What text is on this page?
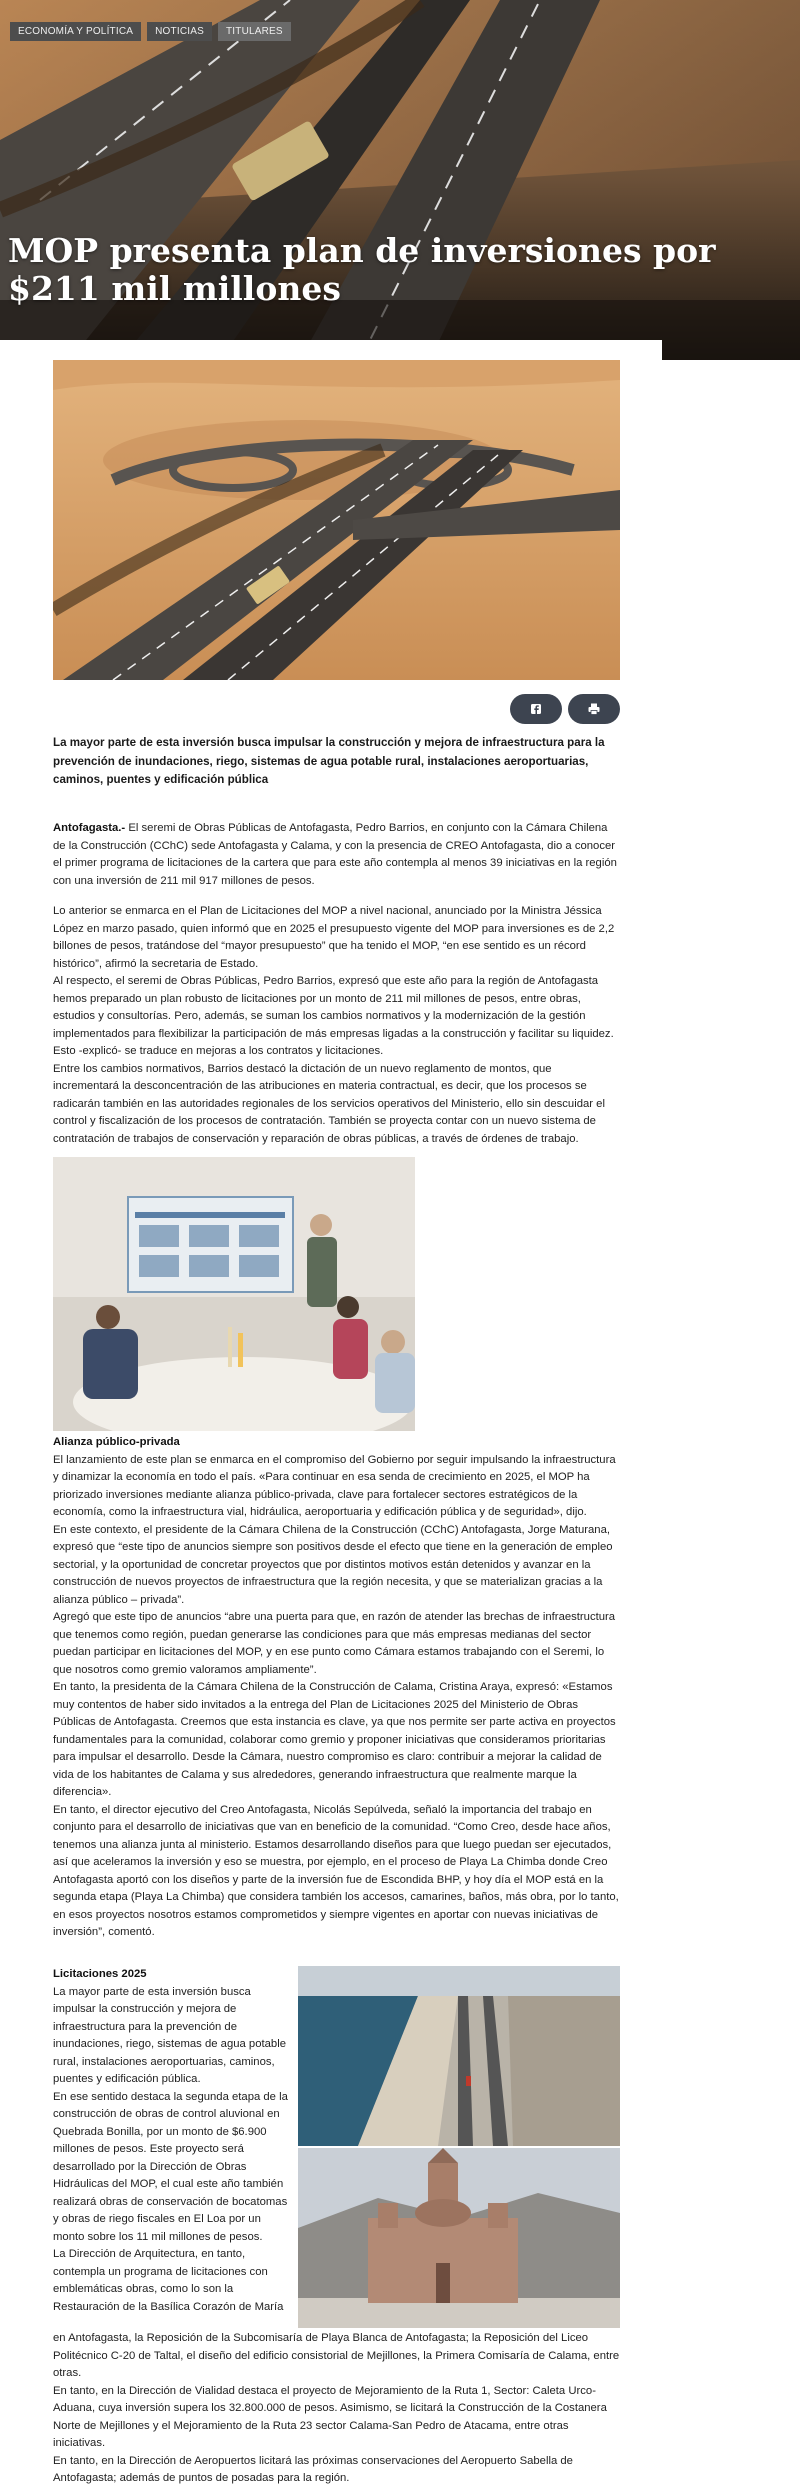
ECONOMÍA Y POLÍTICA	NOTICIAS	TITULARES
MOP presenta plan de inversiones por $211 mil millones

La mayor parte de esta inversión busca impulsar la construcción y mejora de infraestructura para la prevención de inundaciones, riego, sistemas de agua potable rural, instalaciones aeroportuarias, caminos, puentes y edificación pública

Antofagasta.- El seremi de Obras Públicas de Antofagasta, Pedro Barrios, en conjunto con la Cámara Chilena de la Construcción (CChC) sede Antofagasta y Calama, y con la presencia de CREO Antofagasta, dio a conocer el primer programa de licitaciones de la cartera que para este año contempla al menos 39 iniciativas en la región con una inversión de 211 mil 917 millones de pesos.

Lo anterior se enmarca en el Plan de Licitaciones del MOP a nivel nacional, anunciado por la Ministra Jéssica López en marzo pasado, quien informó que en 2025 el presupuesto vigente del MOP para inversiones es de 2,2 billones de pesos, tratándose del “mayor presupuesto” que ha tenido el MOP, “en ese sentido es un récord histórico”, afirmó la secretaria de Estado.

Al respecto, el seremi de Obras Públicas, Pedro Barrios, expresó que este año para la región de Antofagasta hemos preparado un plan robusto de licitaciones por un monto de 211 mil millones de pesos, entre obras, estudios y consultorías. Pero, además, se suman los cambios normativos y la modernización de la gestión implementados para flexibilizar la participación de más empresas ligadas a la construcción y facilitar su liquidez. Esto -explicó- se traduce en mejoras a los contratos y licitaciones.

Entre los cambios normativos, Barrios destacó la dictación de un nuevo reglamento de montos, que incrementará la desconcentración de las atribuciones en materia contractual, es decir, que los procesos se radicarán también en las autoridades regionales de los servicios operativos del Ministerio, ello sin descuidar el control y fiscalización de los procesos de contratación. También se proyecta contar con un nuevo sistema de contratación de trabajos de conservación y reparación de obras públicas, a través de órdenes de trabajo.

Alianza público-privada

El lanzamiento de este plan se enmarca en el compromiso del Gobierno por seguir impulsando la infraestructura y dinamizar la economía en todo el país. «Para continuar en esa senda de crecimiento en 2025, el MOP ha priorizado inversiones mediante alianza público-privada, clave para fortalecer sectores estratégicos de la economía, como la infraestructura vial, hidráulica, aeroportuaria y edificación pública y de seguridad», dijo.

En este contexto, el presidente de la Cámara Chilena de la Construcción (CChC) Antofagasta, Jorge Maturana, expresó que “este tipo de anuncios siempre son positivos desde el efecto que tiene en la generación de empleo sectorial, y la oportunidad de concretar proyectos que por distintos motivos están detenidos y avanzar en la construcción de nuevos proyectos de infraestructura que la región necesita, y que se materializan gracias a la alianza público – privada”.

Agregó que este tipo de anuncios “abre una puerta para que, en razón de atender las brechas de infraestructura que tenemos como región, puedan generarse las condiciones para que más empresas medianas del sector puedan participar en licitaciones del MOP, y en ese punto como Cámara estamos trabajando con el Seremi, lo que nosotros como gremio valoramos ampliamente”.

En tanto, la presidenta de la Cámara Chilena de la Construcción de Calama, Cristina Araya, expresó: «Estamos muy contentos de haber sido invitados a la entrega del Plan de Licitaciones 2025 del Ministerio de Obras Públicas de Antofagasta. Creemos que esta instancia es clave, ya que nos permite ser parte activa en proyectos fundamentales para la comunidad, colaborar como gremio y proponer iniciativas que consideramos prioritarias para impulsar el desarrollo. Desde la Cámara, nuestro compromiso es claro: contribuir a mejorar la calidad de vida de los habitantes de Calama y sus alrededores, generando infraestructura que realmente marque la diferencia».

En tanto, el director ejecutivo del Creo Antofagasta, Nicolás Sepúlveda, señaló la importancia del trabajo en conjunto para el desarrollo de iniciativas que van en beneficio de la comunidad. “Como Creo, desde hace años, tenemos una alianza junta al ministerio. Estamos desarrollando diseños para que luego puedan ser ejecutados, así que aceleramos la inversión y eso se muestra, por ejemplo, en el proceso de Playa La Chimba donde Creo Antofagasta aportó con los diseños y parte de la inversión fue de Escondida BHP, y hoy día el MOP está en la segunda etapa (Playa La Chimba) que considera también los accesos, camarines, baños, más obra, por lo tanto, en esos proyectos nosotros estamos comprometidos y siempre vigentes en aportar con nuevas iniciativas de inversión”, comentó.

Licitaciones 2025

La mayor parte de esta inversión busca impulsar la construcción y mejora de infraestructura para la prevención de inundaciones, riego, sistemas de agua potable rural, instalaciones aeroportuarias, caminos, puentes y edificación pública.

En ese sentido destaca la segunda etapa de la construcción de obras de control aluvional en Quebrada Bonilla, por un monto de $6.900 millones de pesos. Este proyecto será desarrollado por la Dirección de Obras Hidráulicas del MOP, el cual este año también realizará obras de conservación de bocatomas y obras de riego fiscales en El Loa por un monto sobre los 11 mil millones de pesos.

La Dirección de Arquitectura, en tanto, contempla un programa de licitaciones con emblemáticas obras, como lo son la Restauración de la Basílica Corazón de María

en Antofagasta, la Reposición de la Subcomisaría de Playa Blanca de Antofagasta; la Reposición del Liceo Politécnico C-20 de Taltal, el diseño del edificio consistorial de Mejillones, la Primera Comisaría de Calama, entre otras.

En tanto, en la Dirección de Vialidad destaca el proyecto de Mejoramiento de la Ruta 1, Sector: Caleta Urco-Aduana, cuya inversión supera los 32.800.000 de pesos. Asimismo, se licitará la Construcción de la Costanera Norte de Mejillones y el Mejoramiento de la Ruta 23 sector Calama-San Pedro de Atacama, entre otras iniciativas.

En tanto, en la Dirección de Aeropuertos licitará las próximas conservaciones del Aeropuerto Sabella de Antofagasta; además de puntos de posadas para la región.
